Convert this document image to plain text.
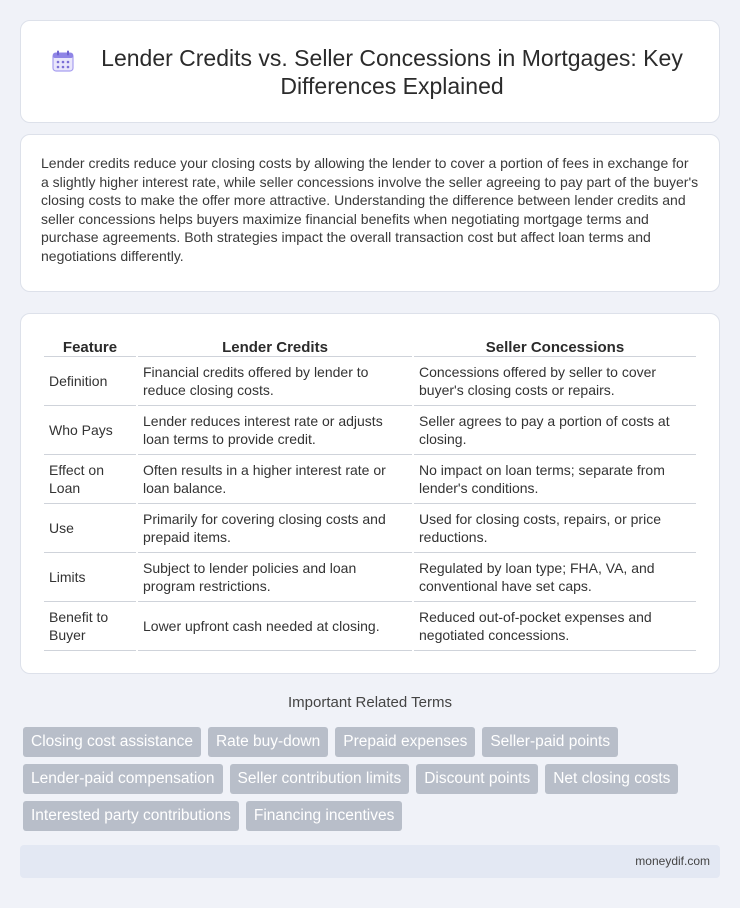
Lender Credits vs. Seller Concessions in Mortgages: Key Differences Explained

Lender credits reduce your closing costs by allowing the lender to cover a portion of fees in exchange for a slightly higher interest rate, while seller concessions involve the seller agreeing to pay part of the buyer's closing costs to make the offer more attractive. Understanding the difference between lender credits and seller concessions helps buyers maximize financial benefits when negotiating mortgage terms and purchase agreements. Both strategies impact the overall transaction cost but affect loan terms and negotiations differently.

Feature	Lender Credits	Seller Concessions
Definition	Financial credits offered by lender to reduce closing costs.	Concessions offered by seller to cover buyer's closing costs or repairs.
Who Pays	Lender reduces interest rate or adjusts loan terms to provide credit.	Seller agrees to pay a portion of costs at closing.
Effect on Loan	Often results in a higher interest rate or loan balance.	No impact on loan terms; separate from lender's conditions.
Use	Primarily for covering closing costs and prepaid items.	Used for closing costs, repairs, or price reductions.
Limits	Subject to lender policies and loan program restrictions.	Regulated by loan type; FHA, VA, and conventional have set caps.
Benefit to Buyer	Lower upfront cash needed at closing.	Reduced out-of-pocket expenses and negotiated concessions.
Important Related Terms
Closing cost assistance	Rate buy-down	Prepaid expenses	Seller-paid points
Lender-paid compensation	Seller contribution limits	Discount points	Net closing costs
Interested party contributions	Financing incentives
moneydif.com
